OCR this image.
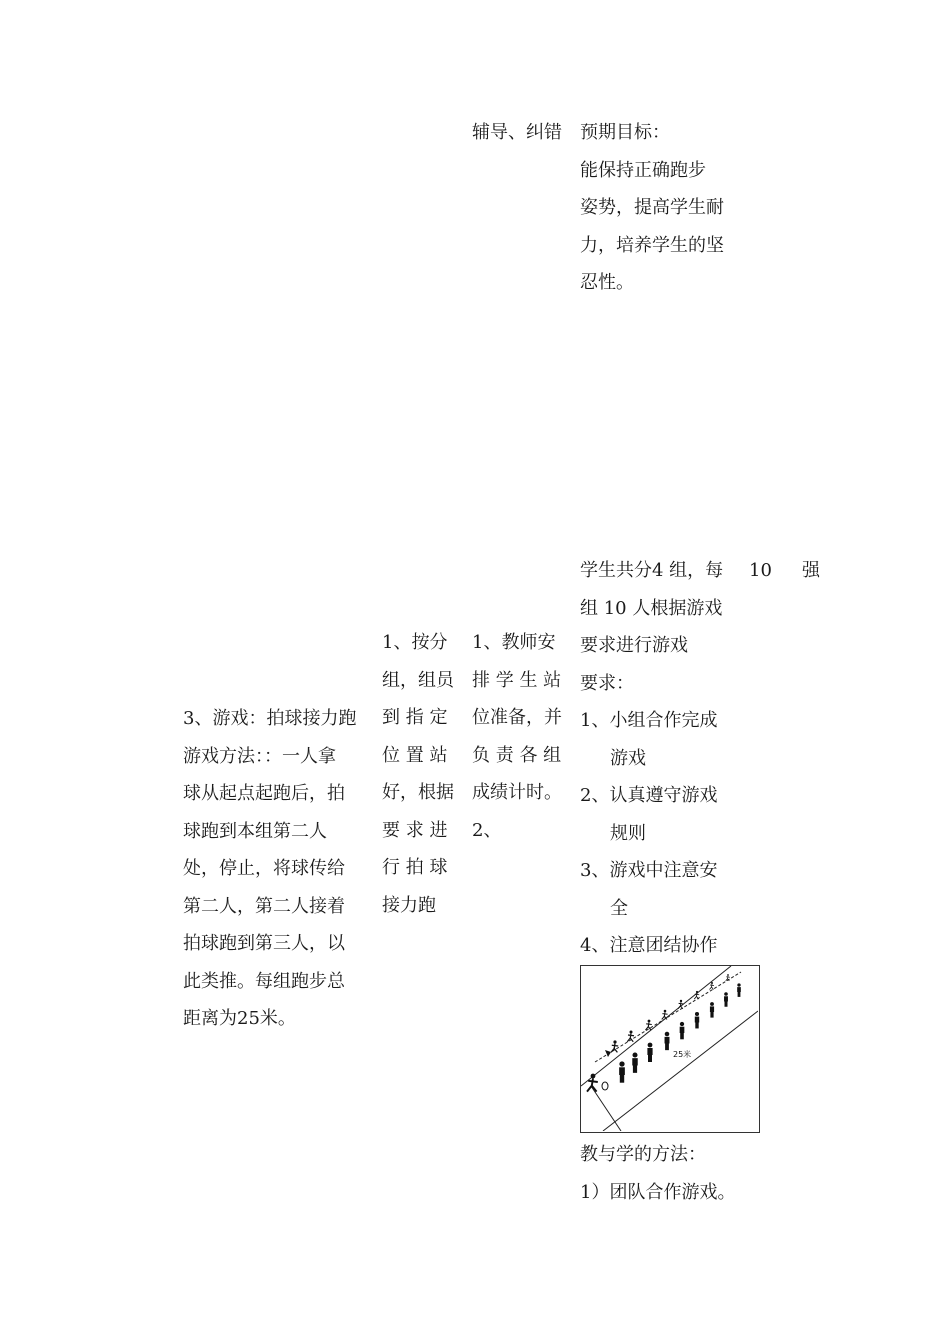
辅导、纠错 预期目标：
能保持正确跑步
姿势，提高学生耐
力，培养学生的坚
忍性。
3、游戏：拍球接力跑
游戏方法：：一人拿
球从起点起跑后，拍
球跑到本组第二人
处，停止，将球传给
第二人，第二人接着
拍球跑到第三人，以
此类推。每组跑步总
距离为25米。
1、按分
组，组员
到 指 定
位 置 站
好，根据
要 求 进
行 拍 球
接力跑
1、教师安
排 学 生 站
位准备，并
负 责 各 组
成绩计时。
2、
学生共分4 组，每
组 10 人根据游戏
要求进行游戏
要求：
1、小组合作完成
游戏
2、认真遵守游戏
规则
3、游戏中注意安
全
4、注意团结协作
10 强
25米
教与学的方法：
1）团队合作游戏。
